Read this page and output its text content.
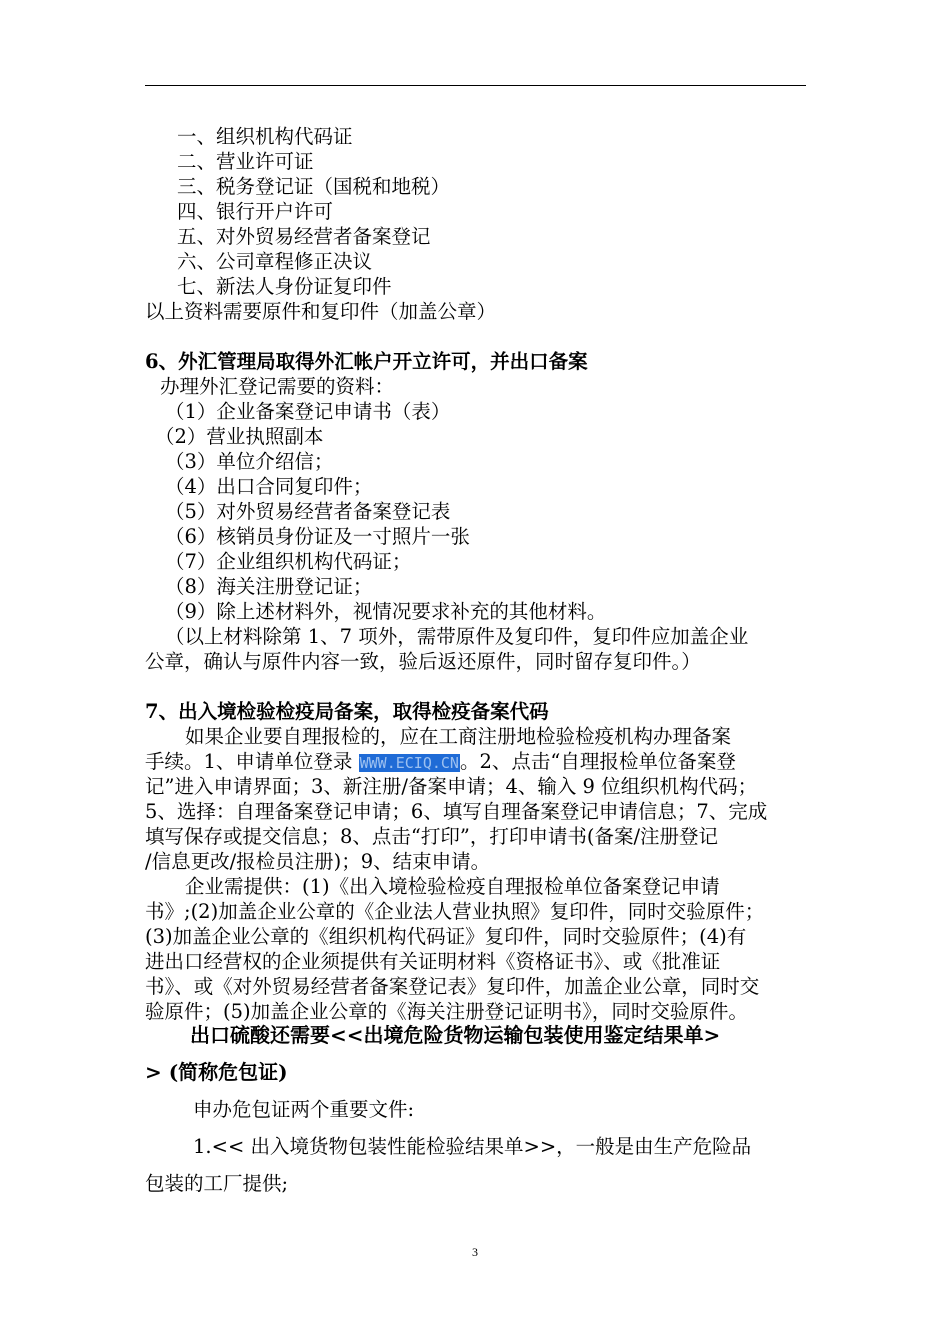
一、组织机构代码证
二、营业许可证
三、税务登记证（国税和地税）
四、银行开户许可
五、对外贸易经营者备案登记
六、公司章程修正决议
七、新法人身份证复印件
以上资料需要原件和复印件（加盖公章）
6、外汇管理局取得外汇帐户开立许可，并出口备案
办理外汇登记需要的资料：
（1）企业备案登记申请书（表）
（2）营业执照副本
（3）单位介绍信；
（4）出口合同复印件；
（5）对外贸易经营者备案登记表
（6）核销员身份证及一寸照片一张
（7）企业组织机构代码证；
（8）海关注册登记证；
（9）除上述材料外，视情况要求补充的其他材料。
（以上材料除第 1、7 项外，需带原件及复印件，复印件应加盖企业
公章，确认与原件内容一致，验后返还原件，同时留存复印件。）
7、出入境检验检疫局备案，取得检疫备案代码
如果企业要自理报检的，应在工商注册地检验检疫机构办理备案
手续。1、申请单位登录 WWW.ECIQ.CN。2、点击“自理报检单位备案登
记”进入申请界面；3、新注册/备案申请；4、输入 9 位组织机构代码；
5、选择：自理备案登记申请；6、填写自理备案登记申请信息；7、完成
填写保存或提交信息；8、点击“打印”，打印申请书(备案/注册登记
/信息更改/报检员注册)；9、结束申请。
企业需提供：(1)《出入境检验检疫自理报检单位备案登记申请
书》;(2)加盖企业公章的《企业法人营业执照》复印件，同时交验原件；
(3)加盖企业公章的《组织机构代码证》复印件，同时交验原件；(4)有
进出口经营权的企业须提供有关证明材料《资格证书》、或《批准证
书》、或《对外贸易经营者备案登记表》复印件，加盖企业公章，同时交
验原件；(5)加盖企业公章的《海关注册登记证明书》，同时交验原件。
出口硫酸还需要<<出境危险货物运输包装使用鉴定结果单>
> (简称危包证)
申办危包证两个重要文件:
1.<< 出入境货物包装性能检验结果单>>，一般是由生产危险品
包装的工厂提供;
3
